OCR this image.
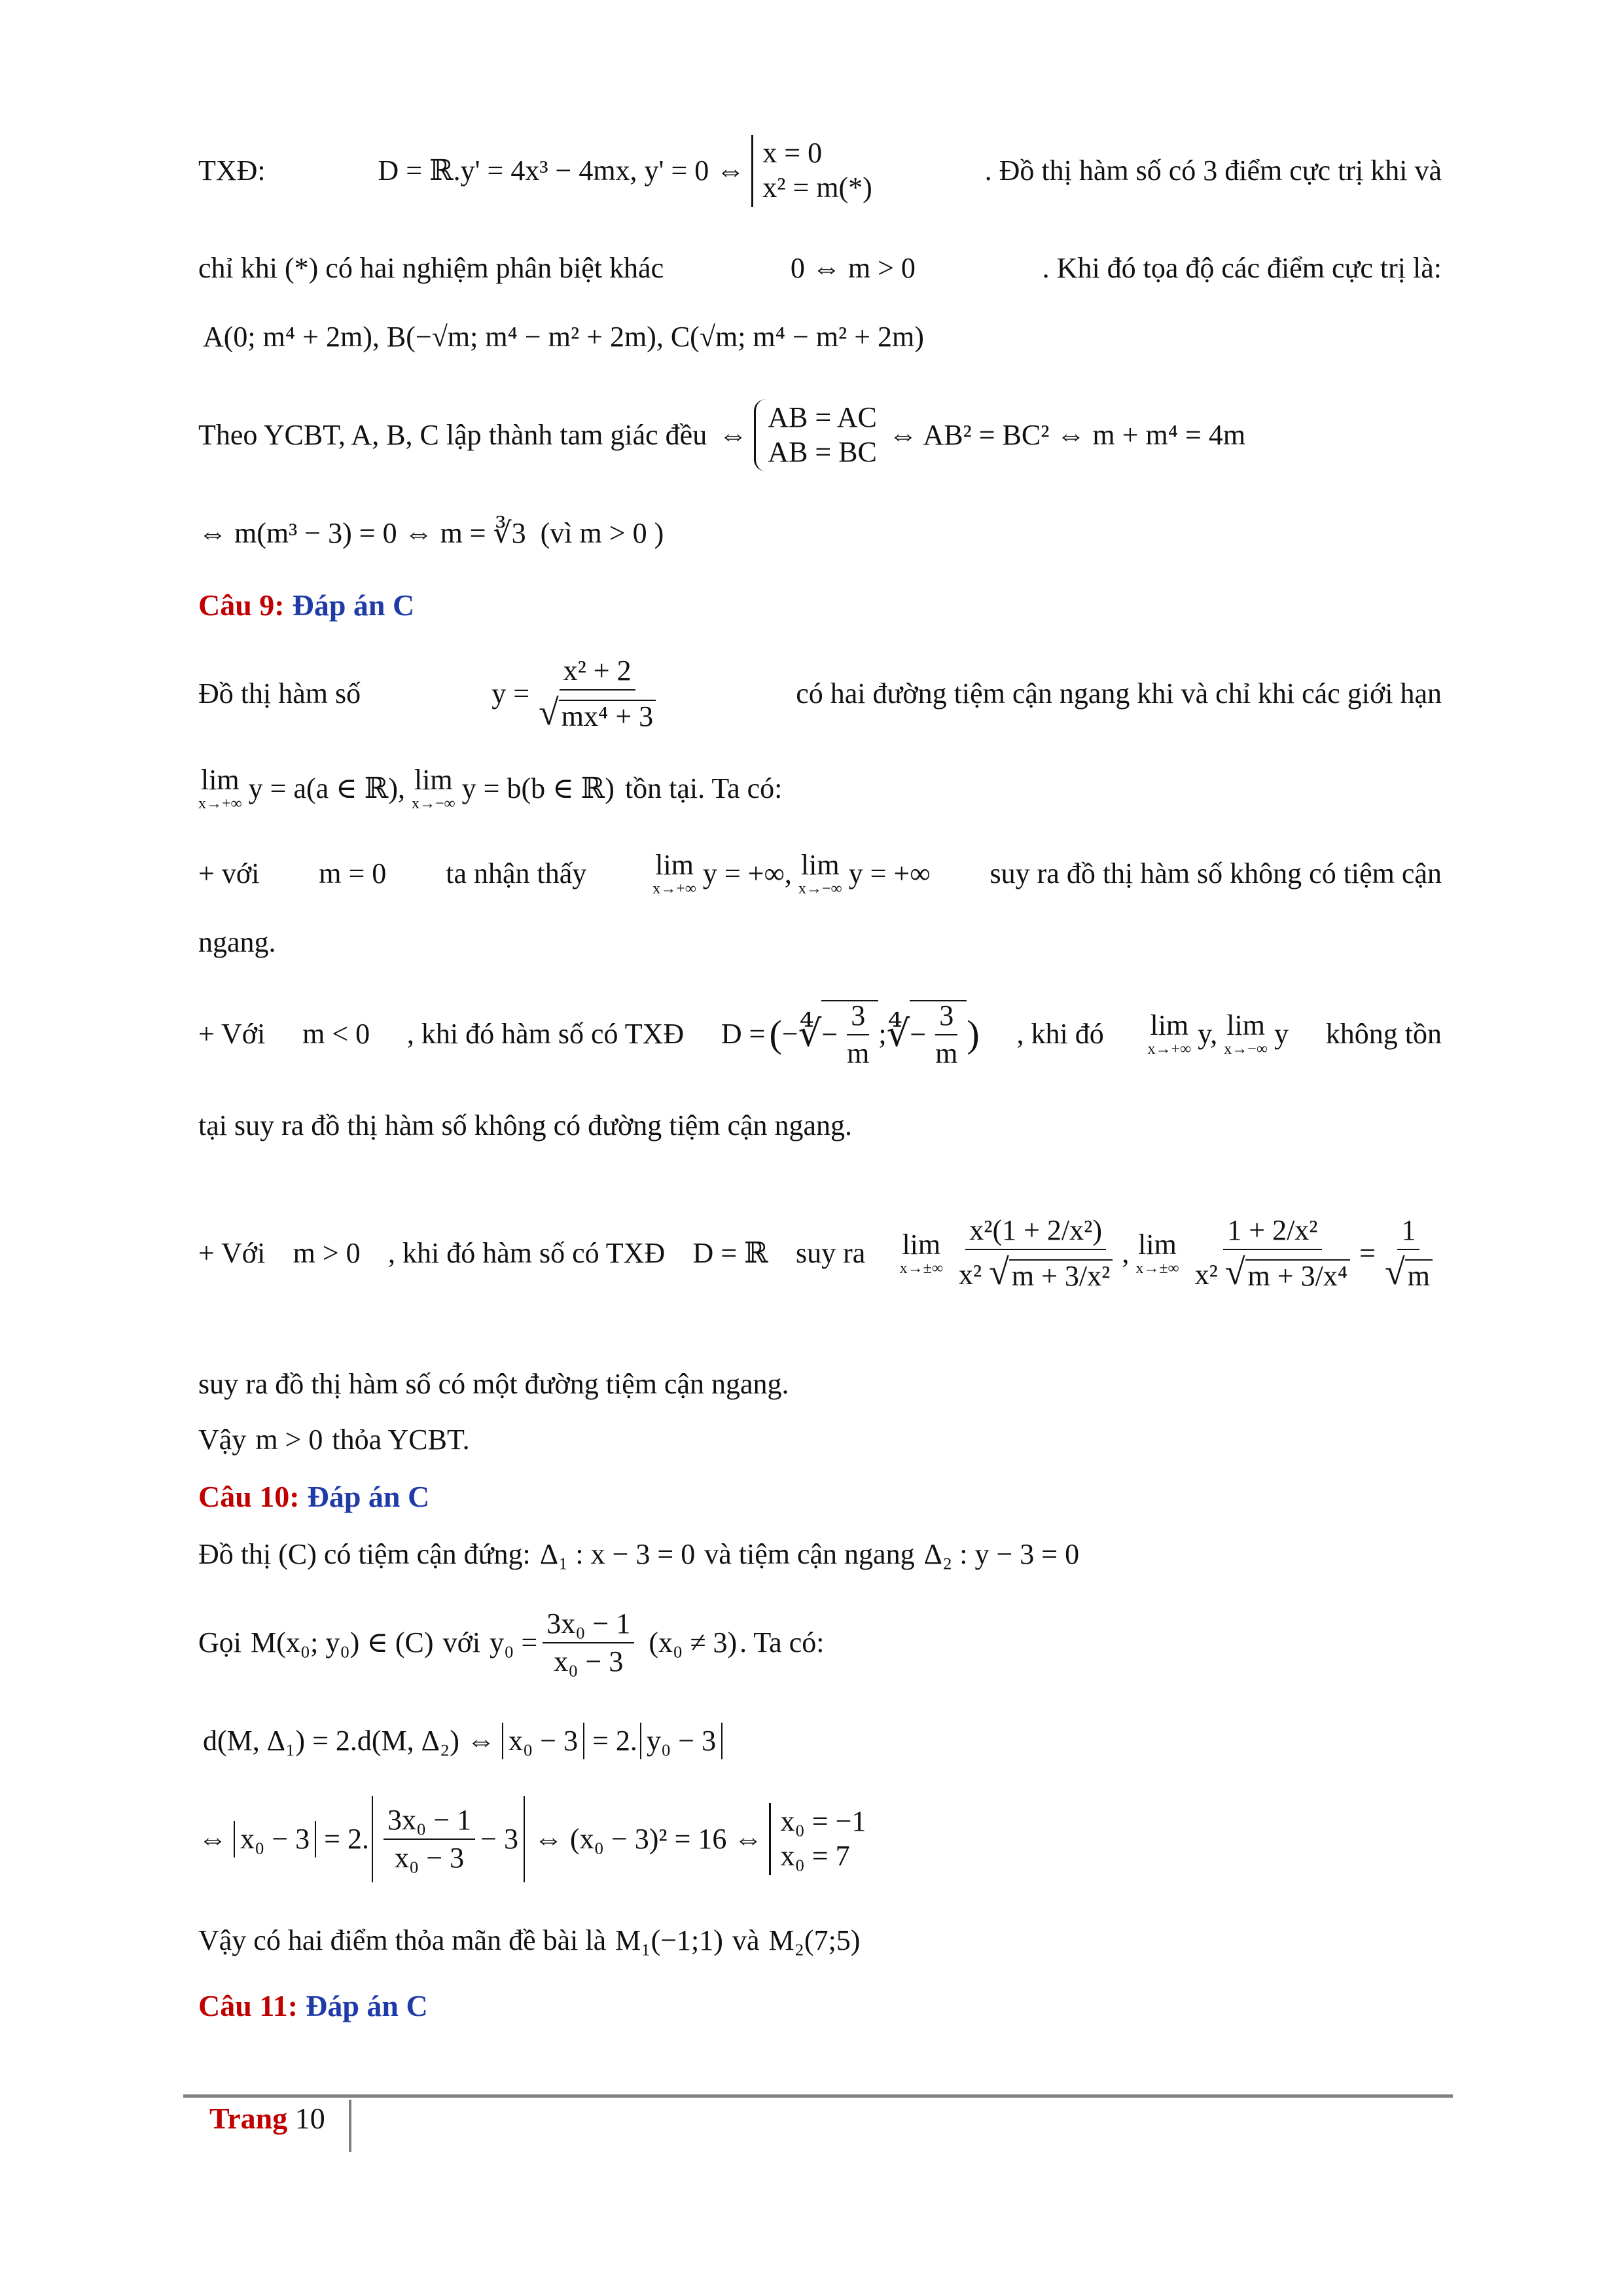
TXĐ:	D = ℝ.y' = 4x³ − 4mx, y' = 0 ⇔
x = 0
x² = m(*)
. Đồ thị hàm số có 3 điểm cực trị khi và
chỉ khi (*) có hai nghiệm phân biệt khác	0 ⇔ m > 0	. Khi đó tọa độ các điểm cực trị là:
A(0; m⁴ + 2m) , B(−√m; m⁴ − m² + 2m) , C(√m; m⁴ − m² + 2m)
Theo YCBT, A, B, C lập thành tam giác đều ⇔
AB = AC
AB = BC
⇔ AB² = BC² ⇔ m + m⁴ = 4m
⇔ m(m³ − 3) = 0 ⇔ m = ∛3 (vì m > 0 )
Câu 9: Đáp án C
Đồ thị hàm số	$y = \frac{\text{x² + 2}}{\text{√ mx⁴ + 3}}$	có hai đường tiệm cận ngang khi và chỉ khi các giới hạn
lim
x→+∞ y = a(a ∈ ℝ), lim
x→−∞ y = b(b ∈ ℝ) tồn tại. Ta có:
+ với m = 0 ta nhận thấy lim
x→+∞ y = +∞, lim
x→−∞ y = +∞ suy ra đồ thị hàm số không có tiệm cận
ngang.
+ Với m < 0 , khi đó hàm số có TXĐ D = ( − ∜ − $\frac{3}{m}$ ; ∜ − $\frac{3}{m}$ ) , khi đó lim
x→+∞ y, lim
x→−∞ y không tồn
tại suy ra đồ thị hàm số không có đường tiệm cận ngang.
+ Với m > 0 , khi đó hàm số có TXĐ D = ℝ suy ra lim
$x\to\pm\infty \frac{\text{x²(1 + 2/x²)}}{\text{x² √ m + 3/x²}}$ , lim
$x\to\pm\infty \frac{\text{1 + 2/x²}}{\text{x² √ m + 3/x⁴}} = \frac{1}{√ m}$
suy ra đồ thị hàm số có một đường tiệm cận ngang.
Vậy m > 0 thỏa YCBT.
Câu 10: Đáp án C
Đồ thị (C) có tiệm cận đứng: Δ₁ : x − 3 = 0 và tiệm cận ngang Δ₂ : y − 3 = 0
Gọi M(x₀; y₀) ∈ (C) với $y_0 = \frac{\text{3x₀ − 1}}{\text{x₀ − 3}} (x_0 \ne 3)$ . Ta có:
d(M, Δ₁) = 2.d(M, Δ₂) ⇔ x₀ − 3 = 2. y₀ − 3
⇔ x₀ − 3 = 2. $\frac{\text{3x₀ − 1}}{\text{x₀ − 3}} - 3$ ⇔ (x₀ − 3)² = 16 ⇔
x₀ = −1
x₀ = 7
Vậy có hai điểm thỏa mãn đề bài là M₁(−1;1) và M₂(7;5)
Câu 11: Đáp án C
Trang 10
